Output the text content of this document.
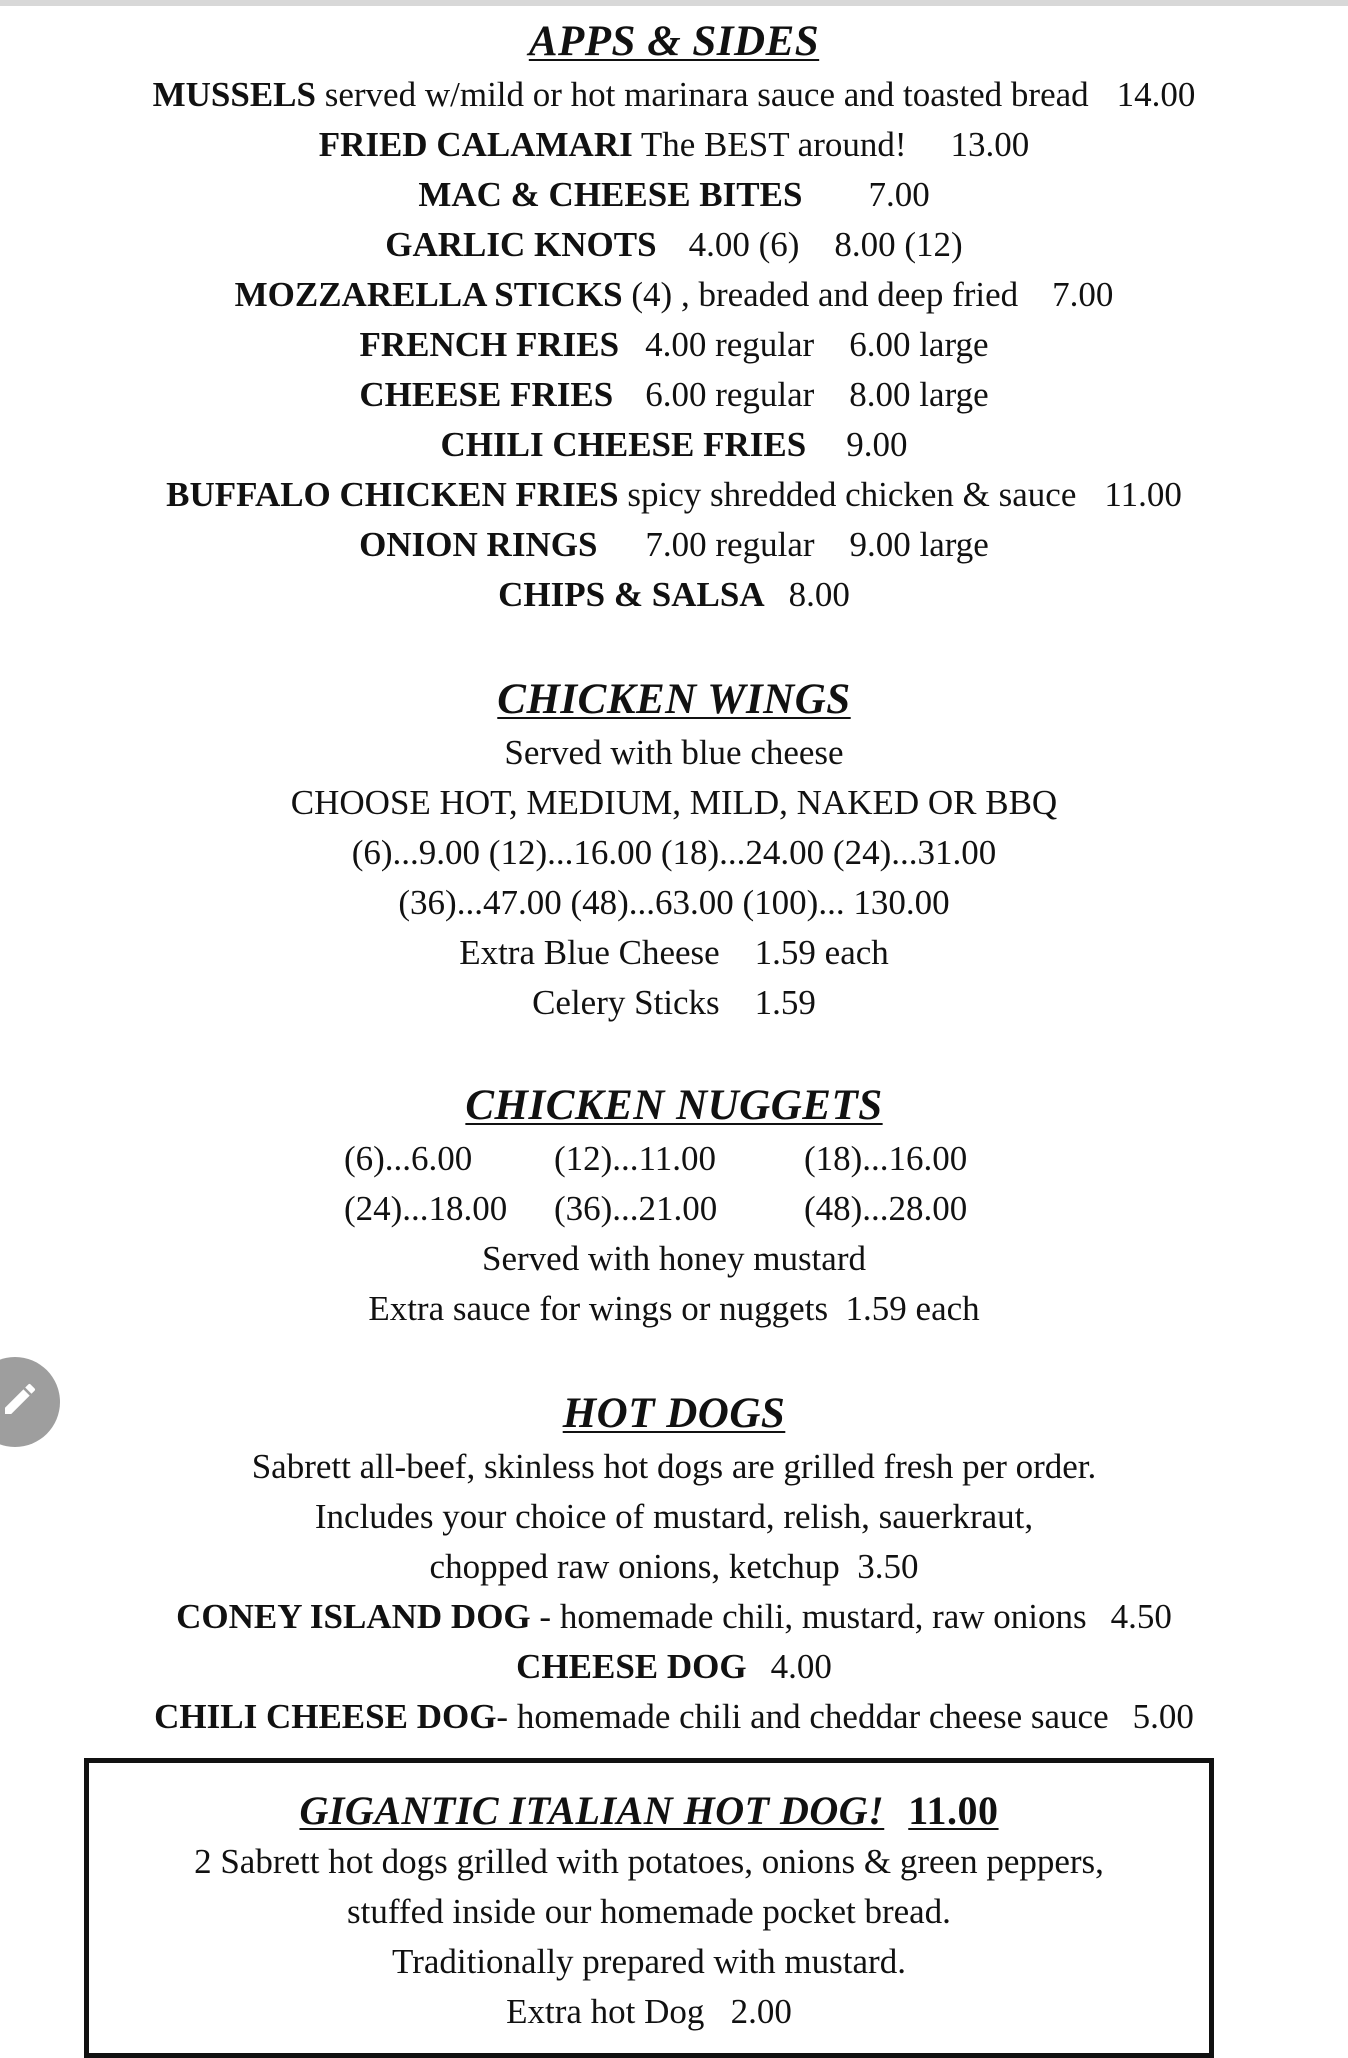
APPS & SIDES
MUSSELS served w/mild or hot marinara sauce and toasted bread 14.00
FRIED CALAMARI The BEST around! 13.00
MAC & CHEESE BITES 7.00
GARLIC KNOTS 4.00 (6)    8.00 (12)
MOZZARELLA STICKS (4) , breaded and deep fried 7.00
FRENCH FRIES 4.00 regular    6.00 large
CHEESE FRIES 6.00 regular    8.00 large
CHILI CHEESE FRIES 9.00
BUFFALO CHICKEN FRIES spicy shredded chicken & sauce 11.00
ONION RINGS 7.00 regular    9.00 large
CHIPS & SALSA 8.00
CHICKEN WINGS
Served with blue cheese
CHOOSE HOT, MEDIUM, MILD, NAKED OR BBQ
(6)...9.00 (12)...16.00 (18)...24.00 (24)...31.00
(36)...47.00 (48)...63.00 (100)... 130.00
Extra Blue Cheese    1.59 each
Celery Sticks    1.59
CHICKEN NUGGETS
(6)...6.00	(12)...11.00	(18)...16.00
(24)...18.00	(36)...21.00	(48)...28.00
Served with honey mustard
Extra sauce for wings or nuggets  1.59 each
HOT DOGS
Sabrett all-beef, skinless hot dogs are grilled fresh per order.
Includes your choice of mustard, relish, sauerkraut,
chopped raw onions, ketchup  3.50
CONEY ISLAND DOG - homemade chili, mustard, raw onions 4.50
CHEESE DOG 4.00
CHILI CHEESE DOG- homemade chili and cheddar cheese sauce 5.00
GIGANTIC ITALIAN HOT DOG! 11.00
2 Sabrett hot dogs grilled with potatoes, onions & green peppers,
stuffed inside our homemade pocket bread.
Traditionally prepared with mustard.
Extra hot Dog   2.00
